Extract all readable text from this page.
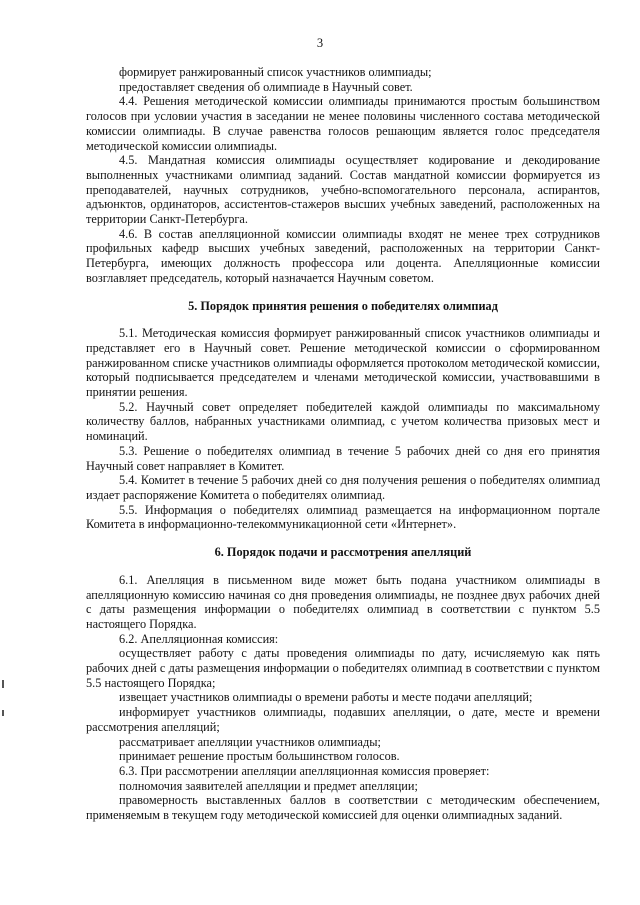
3

формирует ранжированный список участников олимпиады;

предоставляет сведения об олимпиаде в Научный совет.

4.4. Решения методической комиссии олимпиады принимаются простым большинством голосов при условии участия в заседании не менее половины численного состава методической комиссии олимпиады. В случае равенства голосов решающим является голос председателя методической комиссии олимпиады.

4.5. Мандатная комиссия олимпиады осуществляет кодирование и декодирование выполненных участниками олимпиад заданий. Состав мандатной комиссии формируется из преподавателей, научных сотрудников, учебно-вспомогательного персонала, аспирантов, адъюнктов, ординаторов, ассистентов-стажеров высших учебных заведений, расположенных на территории Санкт-Петербурга.

4.6. В состав апелляционной комиссии олимпиады входят не менее трех сотрудников профильных кафедр высших учебных заведений, расположенных на территории Санкт-Петербурга, имеющих должность профессора или доцента. Апелляционные комиссии возглавляет председатель, который назначается Научным советом.

5. Порядок принятия решения о победителях олимпиад

5.1. Методическая комиссия формирует ранжированный список участников олимпиады и представляет его в Научный совет. Решение методической комиссии о сформированном ранжированном списке участников олимпиады оформляется протоколом методической комиссии, который подписывается председателем и членами методической комиссии, участвовавшими в принятии решения.

5.2. Научный совет определяет победителей каждой олимпиады по максимальному количеству баллов, набранных участниками олимпиад, с учетом количества призовых мест и номинаций.

5.3. Решение о победителях олимпиад в течение 5 рабочих дней со дня его принятия Научный совет направляет в Комитет.

5.4. Комитет в течение 5 рабочих дней со дня получения решения о победителях олимпиад издает распоряжение Комитета о победителях олимпиад.

5.5. Информация о победителях олимпиад размещается на информационном портале Комитета в информационно-телекоммуникационной сети «Интернет».

6. Порядок подачи и рассмотрения апелляций

6.1. Апелляция в письменном виде может быть подана участником олимпиады в апелляционную комиссию начиная со дня проведения олимпиады, не позднее двух рабочих дней с даты размещения информации о победителях олимпиад в соответствии с пунктом 5.5 настоящего Порядка.

6.2. Апелляционная комиссия:

осуществляет работу с даты проведения олимпиады по дату, исчисляемую как пять рабочих дней с даты размещения информации о победителях олимпиад в соответствии с пунктом 5.5 настоящего Порядка;

извещает участников олимпиады о времени работы и месте подачи апелляций;

информирует участников олимпиады, подавших апелляции, о дате, месте и времени рассмотрения апелляций;

рассматривает апелляции участников олимпиады;

принимает решение простым большинством голосов.

6.3. При рассмотрении апелляции апелляционная комиссия проверяет:

полномочия заявителей апелляции и предмет апелляции;

правомерность выставленных баллов в соответствии с методическим обеспечением, применяемым в текущем году методической комиссией для оценки олимпиадных заданий.
